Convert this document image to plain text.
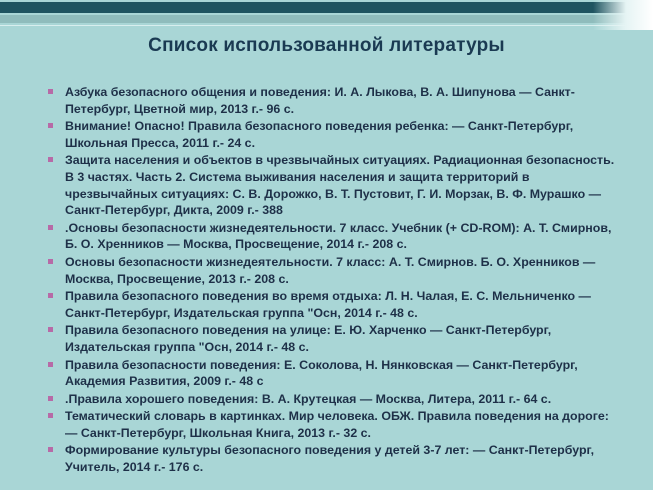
Список использованной литературы
Азбука безопасного общения и поведения: И. А. Лыкова, В. А. Шипунова — Санкт-Петербург, Цветной мир, 2013 г.- 96 с.
Внимание! Опасно! Правила безопасного поведения ребенка: — Санкт-Петербург, Школьная Пресса, 2011 г.- 24 с.
Защита населения и объектов в чрезвычайных ситуациях. Радиационная безопасность. В 3 частях. Часть 2. Система выживания населения и защита территорий в чрезвычайных ситуациях: С. В. Дорожко, В. Т. Пустовит, Г. И. Морзак, В. Ф. Мурашко — Санкт-Петербург, Дикта, 2009 г.- 388
.Основы безопасности жизнедеятельности. 7 класс. Учебник (+ CD-ROM): А. Т. Смирнов, Б. О. Хренников — Москва, Просвещение, 2014 г.- 208 с.
Основы безопасности жизнедеятельности. 7 класс: А. Т. Смирнов. Б. О. Хренников — Москва, Просвещение, 2013 г.- 208 с.
Правила безопасного поведения во время отдыха: Л. Н. Чалая, Е. С. Мельниченко — Санкт-Петербург, Издательская группа "Осн, 2014 г.- 48 с.
Правила безопасного поведения на улице: Е. Ю. Харченко — Санкт-Петербург, Издательская группа "Осн, 2014 г.- 48 с.
Правила безопасности поведения: Е. Соколова, Н. Нянковская — Санкт-Петербург, Академия Развития, 2009 г.- 48 с
.Правила хорошего поведения: В. А. Крутецкая — Москва, Литера, 2011 г.- 64 с.
Тематический словарь в картинках. Мир человека. ОБЖ. Правила поведения на дороге: — Санкт-Петербург, Школьная Книга, 2013 г.- 32 с.
Формирование культуры безопасного поведения у детей 3-7 лет: — Санкт-Петербург, Учитель, 2014 г.- 176 с.
